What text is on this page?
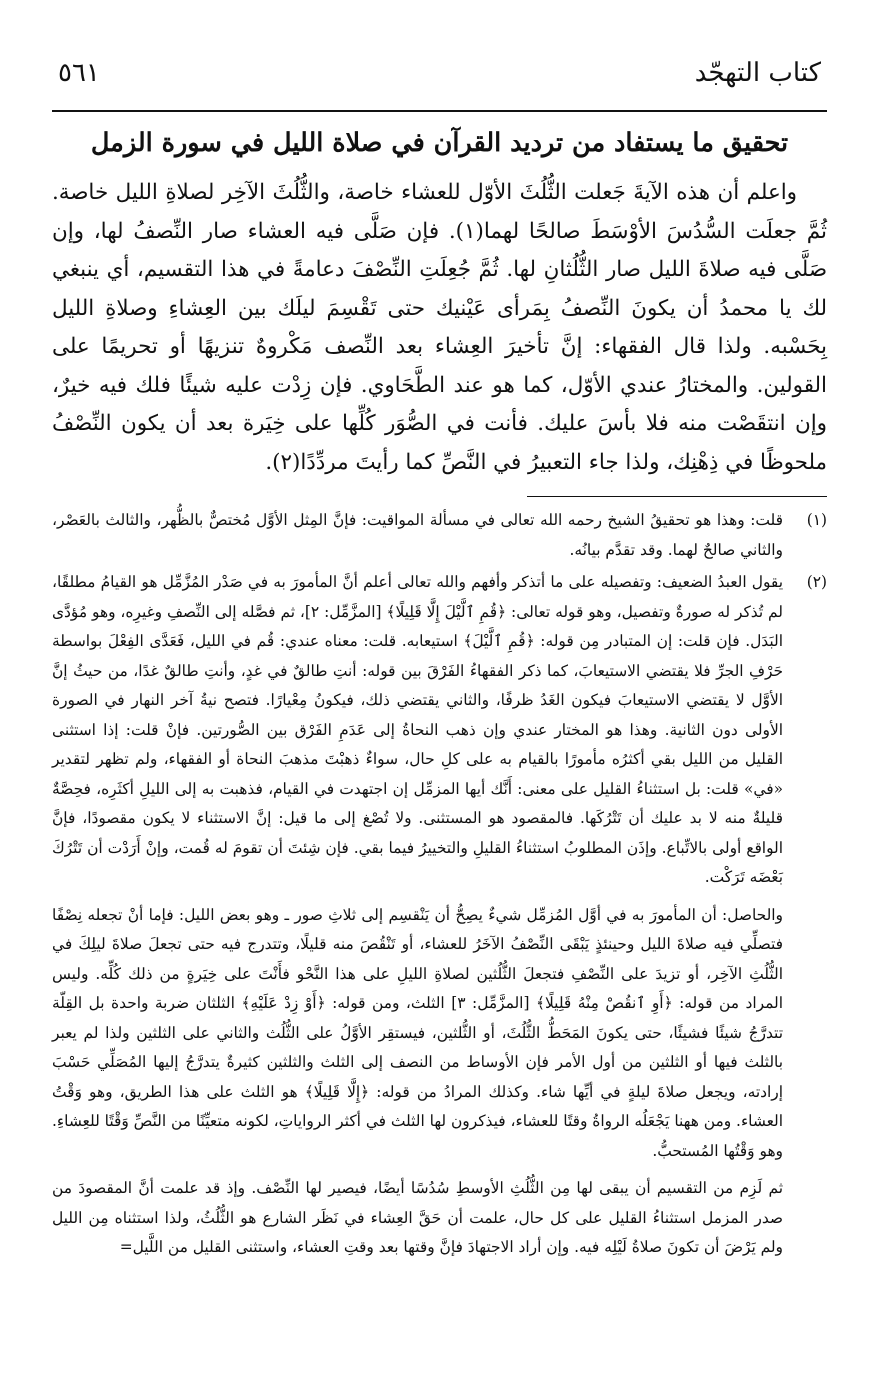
كتاب التهجّد
٥٦١
تحقيق ما يستفاد من ترديد القرآن في صلاة الليل في سورة الزمل

واعلم أن هذه الآيةَ جَعلت الثُّلُثَ الأوّل للعشاء خاصة، والثُّلُثَ الآخِر لصلاةِ الليل خاصة. ثُمَّ جعلَت السُّدُسَ الأوْسَطَ صالحًا لهما(١). فإن صَلَّى فيه العشاء صار النِّصفُ لها، وإن صَلَّى فيه صلاةَ الليل صار الثُّلُثانِ لها. ثُمَّ جُعِلَتِ النِّصْفَ دعامةً في هذا التقسيم، أي ينبغي لك يا محمدُ أن يكونَ النِّصفُ بِمَرأى عَيْنيك حتى تَقْسِمَ ليلَك بين العِشاءِ وصلاةِ الليل بِحَسْبه. ولذا قال الفقهاء: إنَّ تأخيرَ العِشاء بعد النِّصف مَكْروهٌ تنزيهًا أو تحريمًا على القولين. والمختارُ عندي الأوّل، كما هو عند الطَّحَاوي. فإن زِدْت عليه شيئًا فلك فيه خيرٌ، وإن انتقَصْت منه فلا بأسَ عليك. فأنت في الصُّوَر كُلِّها على خِيَرة بعد أن يكون النِّصْفُ ملحوظًا في ذِهْنِك، ولذا جاء التعبيرُ في النَّصِّ كما رأيتَ مردِّدًا(٢).

(١)

قلت: وهذا هو تحقيقُ الشيخ رحمه الله تعالى في مسألة المواقيت: فإنَّ المِثل الأوَّل مُختصٌّ بالظُّهر، والثالث بالعَصْر، والثاني صالحٌ لهما. وقد تقدَّم بيانُه.

(٢)

يقول العبدُ الضعيف: وتفصيله على ما أتذكر وأفهم والله تعالى أعلم أنَّ المأمورَ به في صَدْر المُزَّمِّل هو القيامُ مطلقًا، لم تُذكر له صورةٌ وتفصيل، وهو قوله تعالى: ﴿قُمِ ٱلَّيْلَ إِلَّا قَلِيلًا﴾ [المزَّمِّل: ٢]، ثم فصَّله إلى النِّصفِ وغيرِه، وهو مُؤدَّى البَدَل. فإن قلت: إن المتبادر مِن قوله: ﴿قُمِ ٱلَّيْلَ﴾ استيعابه. قلت: معناه عندي: قُم في الليل، فَعَدَّى الفِعْلَ بواسطة حَرْفِ الجرِّ فلا يقتضي الاستيعابَ، كما ذكر الفقهاءُ الفَرْقَ بين قوله: أنتِ طالقٌ في غدٍ، وأنتِ طالقٌ غدًا، من حيثُ إنَّ الأوَّل لا يقتضي الاستيعابَ فيكون الغَدُ ظرفًا، والثاني يقتضي ذلك، فيكونُ مِعْيارًا. فتصح نيةُ آخر النهار في الصورة الأولى دون الثانية. وهذا هو المختار عندي وإن ذهب النحاةُ إلى عَدَمِ الفَرْق بين الصُّورتين. فإنْ قلت: إذا استثنى القليل من الليل بقي أكثرُه مأمورًا بالقيام به على كلِ حال، سواءٌ ذهبْتَ مذهبَ النحاة أو الفقهاء، ولم تظهر لتقدير «في» قلت: بل استثناءُ القليل على معنى: أَنَّك أيها المزمِّل إن اجتهدت في القيام، فذهبت به إلى الليلِ أكثَرِه، فحِصَّةٌ قليلةٌ منه لا بد عليك أن تَتْرُكَها. فالمقصود هو المستثنى. ولا تُصْغ إلى ما قيل: إنَّ الاستثناء لا يكون مقصودًا، فإنَّ الواقع أولى بالاتِّباع. وإذَن المطلوبُ استثناءُ القليلِ والتخييرُ فيما بقي. فإن شِئتَ أن تقومَ له قُمت، وإنْ أَرَدْت أن تَتْرُكَ بَعْضَه تَرَكْت.

والحاصل: أن المأمورَ به في أوَّل المُزمِّل شيءٌ يصِحُّ أن يَنْقسِم إلى ثلاثِ صور ـ وهو بعض الليل: فإما أنْ تجعله نِصْفًا فتصلِّي فيه صلاةَ الليل وحينئذٍ يَبْقَى النِّصْفُ الآخَرُ للعشاء، أو تَنْقُصَ منه قليلًا، وتتدرج فيه حتى تجعلَ صلاةَ ليلِكَ في الثُّلُثِ الآخِر، أو تزيدَ على النِّصْفِ فتجعلَ الثُّلُثين لصلاةِ الليلِ على هذا النَّحْو فأَنْتَ على خِيَرةٍ من ذلك كُلِّه. وليس المراد من قوله: ﴿أَوِ ٱنقُصْ مِنْهُ قَلِيلًا﴾ [المزَّمِّل: ٣] الثلث، ومن قوله: ﴿أَوْ زِدْ عَلَيْهِ﴾ الثلثان ضربة واحدة بل القِلّة تتدرَّجُ شيئًا فشيئًا، حتى يكونَ المَحَطُّ الثُّلُثَ، أو الثُّلثين، فيستقِر الأوَّلُ على الثُّلُث والثاني على الثلثين ولذا لم يعبر بالثلث فيها أو الثلثين من أول الأمر فإن الأوساط من النصف إلى الثلث والثلثين كثيرةٌ يتدرَّجُ إليها المُصَلِّي حَسْبَ إرادته، ويجعل صلاةَ ليلةٍ في أيِّها شاء. وكذلك المرادُ من قوله: ﴿إِلَّا قَلِيلًا﴾ هو الثلث على هذا الطريق، وهو وَقْتُ العشاء. ومن ههنا يَجْعَلُه الرواةُ وقتًا للعشاء، فيذكرون لها الثلث في أكثر الرواياتِ، لكونه متعيِّنًا من النَّصِّ وَقْتًا للعِشاءِ. وهو وَقْتُها المُستحبُّ.

ثم لَزِم من التقسيم أن يبقى لها مِن الثُّلُثِ الأوسطِ سُدُسًا أيضًا، فيصير لها النِّصْف. وإذ قد علمت أنَّ المقصودَ من صدر المزمل استثناءُ القليل على كل حال، علمت أن حَقَّ العِشاء في نَظَر الشارع هو الثُّلُثُ، ولذا استثناه مِن الليل ولم يَرْضَ أن تكونَ صلاةُ لَيْلِه فيه. وإن أراد الاجتهادَ فإنَّ وقتها بعد وقتِ العشاء، واستثنى القليل من اللَّيل=
